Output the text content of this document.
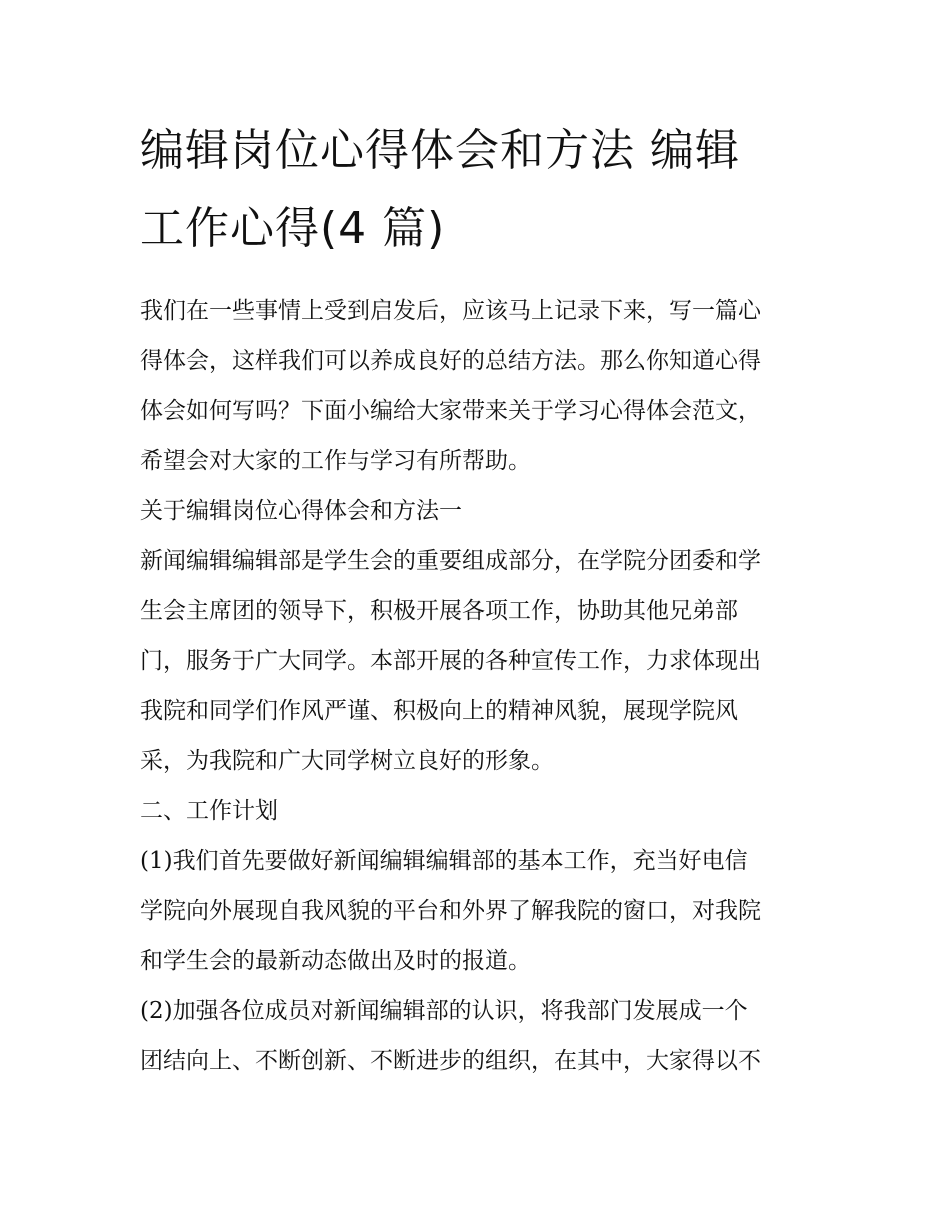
编辑岗位心得体会和方法 编辑
工作心得(4 篇)

我们在一些事情上受到启发后，应该马上记录下来，写一篇心
得体会，这样我们可以养成良好的总结方法。那么你知道心得
体会如何写吗？下面小编给大家带来关于学习心得体会范文，
希望会对大家的工作与学习有所帮助。

关于编辑岗位心得体会和方法一

新闻编辑编辑部是学生会的重要组成部分，在学院分团委和学
生会主席团的领导下，积极开展各项工作，协助其他兄弟部
门，服务于广大同学。本部开展的各种宣传工作，力求体现出
我院和同学们作风严谨、积极向上的精神风貌，展现学院风
采，为我院和广大同学树立良好的形象。

二、工作计划

(1)我们首先要做好新闻编辑编辑部的基本工作，充当好电信
学院向外展现自我风貌的平台和外界了解我院的窗口，对我院
和学生会的最新动态做出及时的报道。

(2)加强各位成员对新闻编辑部的认识，将我部门发展成一个
团结向上、不断创新、不断进步的组织，在其中，大家得以不
